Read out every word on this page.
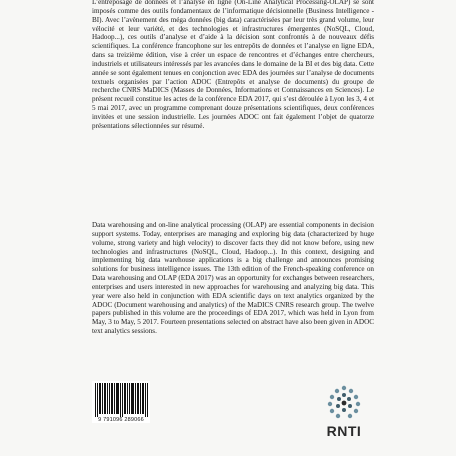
L’entreposage de données et l’analyse en ligne (On-Line Analytical Processing-OLAP) se sont imposés comme des outils fondamentaux de l’informatique décisionnelle (Business Intelligence - BI). Avec l’avènement des méga données (big data) caractérisées par leur très grand volume, leur vélocité et leur variété, et des technologies et infrastructures émergentes (NoSQL, Cloud, Hadoop...), ces outils d’analyse et d’aide à la décision sont confrontés à de nouveaux défis scientifiques. La conférence francophone sur les entrepôts de données et l’analyse en ligne EDA, dans sa treizième édition, vise à créer un espace de rencontres et d’échanges entre chercheurs, industriels et utilisateurs intéressés par les avancées dans le domaine de la BI et des big data. Cette année se sont également tenues en conjonction avec EDA des journées sur l’analyse de documents textuels organisées par l’action ADOC (Entrepôts et analyse de documents) du groupe de recherche CNRS MaDICS (Masses de Données, Informations et Connaissances en Sciences). Le présent recueil constitue les actes de la conférence EDA 2017, qui s’est déroulée à Lyon les 3, 4 et 5 mai 2017, avec un programme comprenant douze présentations scientifiques, deux conférences invitées et une session industrielle. Les journées ADOC ont fait également l’objet de quatorze présentations sélectionnées sur résumé.

Data warehousing and on-line analytical processing (OLAP) are essential components in decision support systems. Today, enterprises are managing and exploring big data (characterized by huge volume, strong variety and high velocity) to discover facts they did not know before, using new technologies and infrastructures (NoSQL, Cloud, Hadoop...). In this context, designing and implementing big data warehouse applications is a big challenge and announces promising solutions for business intelligence issues. The 13th edition of the French-speaking conference on Data warehousing and OLAP (EDA 2017) was an opportunity for exchanges between researchers, enterprises and users interested in new approaches for warehousing and analyzing big data. This year were also held in conjunction with EDA scientific days on text analytics organized by the ADOC (Document warehousing and analytics) of the MaDICS CNRS research group. The twelve papers published in this volume are the proceedings of EDA 2017, which was held in Lyon from May, 3 to May, 5 2017. Fourteen presentations selected on abstract have also been given in ADOC text analytics sessions.

9 791096 289066
RNTI
